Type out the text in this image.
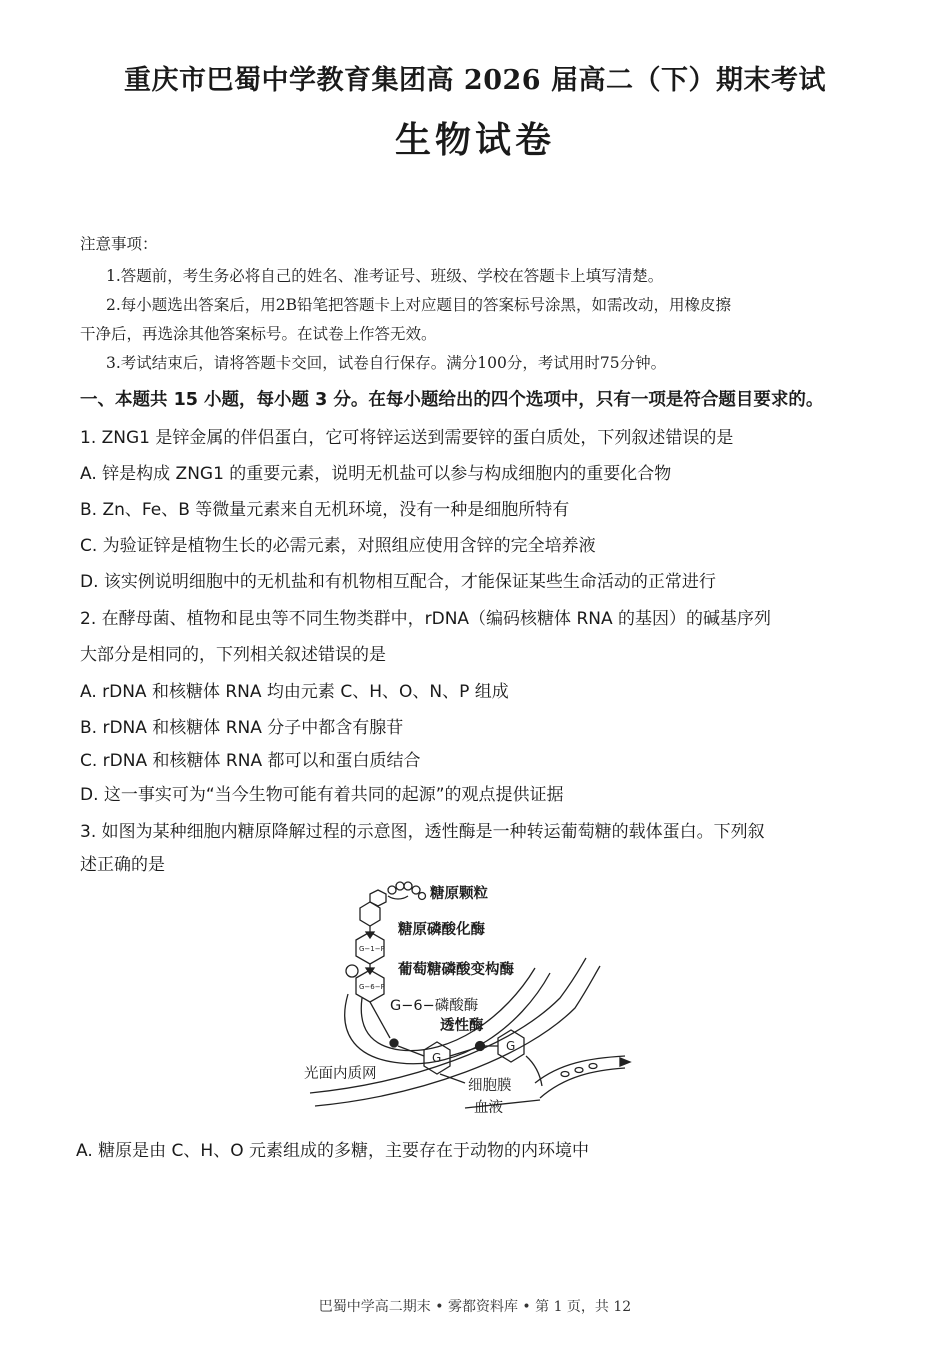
重庆市巴蜀中学教育集团高 2026 届高二（下）期末考试
生物试卷
注意事项：
1.答题前，考生务必将自己的姓名、准考证号、班级、学校在答题卡上填写清楚。
2.每小题选出答案后，用2B铅笔把答题卡上对应题目的答案标号涂黑，如需改动，用橡皮擦
干净后，再选涂其他答案标号。在试卷上作答无效。
3.考试结束后，请将答题卡交回，试卷自行保存。满分100分，考试用时75分钟。
一、本题共 15 小题，每小题 3 分。在每小题给出的四个选项中，只有一项是符合题目要求的。
1. ZNG1 是锌金属的伴侣蛋白，它可将锌运送到需要锌的蛋白质处，下列叙述错误的是
A. 锌是构成 ZNG1 的重要元素，说明无机盐可以参与构成细胞内的重要化合物
B. Zn、Fe、B 等微量元素来自无机环境，没有一种是细胞所特有
C. 为验证锌是植物生长的必需元素，对照组应使用含锌的完全培养液
D. 该实例说明细胞中的无机盐和有机物相互配合，才能保证某些生命活动的正常进行
2. 在酵母菌、植物和昆虫等不同生物类群中，rDNA（编码核糖体 RNA 的基因）的碱基序列
大部分是相同的，下列相关叙述错误的是
A. rDNA 和核糖体 RNA 均由元素 C、H、O、N、P 组成
B. rDNA 和核糖体 RNA 分子中都含有腺苷
C. rDNA 和核糖体 RNA 都可以和蛋白质结合
D. 这一事实可为“当今生物可能有着共同的起源”的观点提供证据
3. 如图为某种细胞内糖原降解过程的示意图，透性酶是一种转运葡萄糖的载体蛋白。下列叙
述正确的是
G−1−P
G−6−P
G
G
糖原颗粒
糖原磷酸化酶
葡萄糖磷酸变构酶
G−6−磷酸酶
透性酶
光面内质网
细胞膜
血液
A. 糖原是由 C、H、O 元素组成的多糖，主要存在于动物的内环境中
巴蜀中学高二期末 • 雾都资料库 • 第 1 页，共 12
